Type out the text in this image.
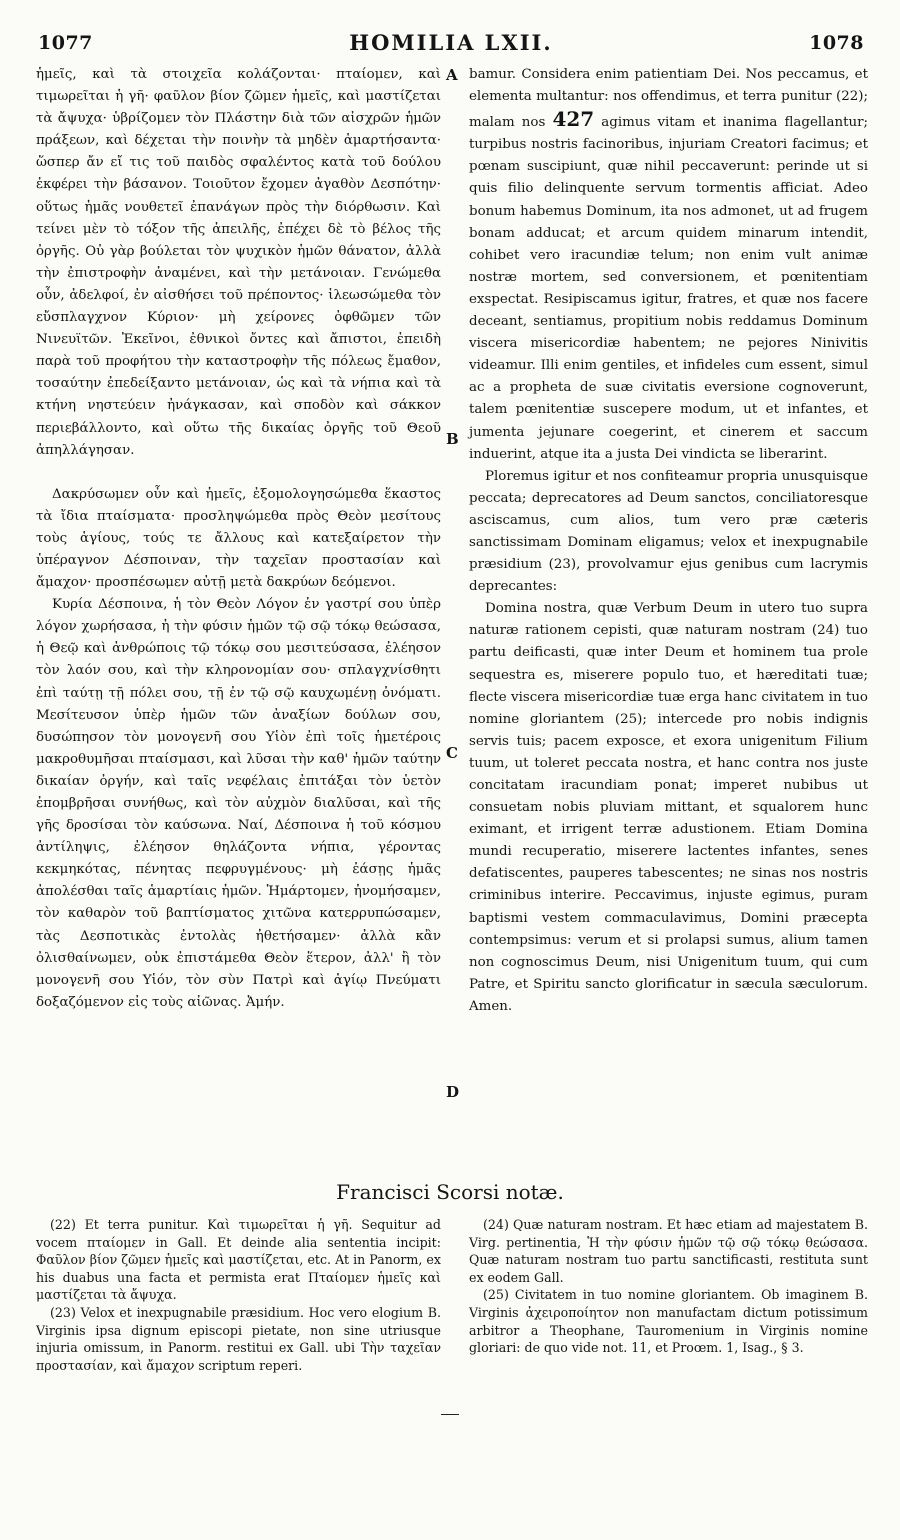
1077	HOMILIA LXII.	1078

ἡμεῖς, καὶ τὰ στοιχεῖα κολάζονται· πταίομεν, καὶ τιμωρεῖται ἡ γῆ· φαῦλον βίον ζῶμεν ἡμεῖς, καὶ μαστίζεται τὰ ἄψυχα· ὑβρίζομεν τὸν Πλάστην διὰ τῶν αἰσχρῶν ἡμῶν πράξεων, καὶ δέχεται τὴν ποινὴν τὰ μηδὲν ἁμαρτήσαντα· ὥσπερ ἄν εἴ τις τοῦ παιδὸς σφαλέντος κατὰ τοῦ δούλου ἐκφέρει τὴν βάσανον. Τοιοῦτον ἔχομεν ἀγαθὸν Δεσπότην· οὕτως ἡμᾶς νουθετεῖ ἐπανάγων πρὸς τὴν διόρθωσιν. Καὶ τείνει μὲν τὸ τόξον τῆς ἀπειλῆς, ἐπέχει δὲ τὸ βέλος τῆς ὀργῆς. Οὐ γὰρ βούλεται τὸν ψυχικὸν ἡμῶν θάνατον, ἀλλὰ τὴν ἐπιστροφὴν ἀναμένει, καὶ τὴν μετάνοιαν. Γενώμεθα οὖν, ἀδελφοί, ἐν αἰσθήσει τοῦ πρέποντος· ἱλεωσώμεθα τὸν εὔσπλαγχνον Κύριον· μὴ χείρονες ὀφθῶμεν τῶν Νινευϊτῶν. Ἐκεῖνοι, ἐθνικοὶ ὄντες καὶ ἄπιστοι, ἐπειδὴ παρὰ τοῦ προφήτου τὴν καταστροφὴν τῆς πόλεως ἔμαθον, τοσαύτην ἐπεδείξαντο μετάνοιαν, ὡς καὶ τὰ νήπια καὶ τὰ κτήνη νηστεύειν ἠνάγκασαν, καὶ σποδὸν καὶ σάκκον περιεβάλλοντο, καὶ οὕτω τῆς δικαίας ὀργῆς τοῦ Θεοῦ ἀπηλλάγησαν.

Δακρύσωμεν οὖν καὶ ἡμεῖς, ἐξομολογησώμεθα ἕκαστος τὰ ἴδια πταίσματα· προσληψώμεθα πρὸς Θεὸν μεσίτους τοὺς ἁγίους, τούς τε ἄλλους καὶ κατεξαίρετον τὴν ὑπέραγνον Δέσποιναν, τὴν ταχεῖαν προστασίαν καὶ ἄμαχον· προσπέσωμεν αὐτῇ μετὰ δακρύων δεόμενοι.

Κυρία Δέσποινα, ἡ τὸν Θεὸν Λόγον ἐν γαστρί σου ὑπὲρ λόγον χωρήσασα, ἡ τὴν φύσιν ἡμῶν τῷ σῷ τόκῳ θεώσασα, ἡ Θεῷ καὶ ἀνθρώποις τῷ τόκῳ σου μεσιτεύσασα, ἐλέησον τὸν λαόν σου, καὶ τὴν κληρονομίαν σου· σπλαγχνίσθητι ἐπὶ ταύτῃ τῇ πόλει σου, τῇ ἐν τῷ σῷ καυχωμένῃ ὀνόματι. Μεσίτευσον ὑπὲρ ἡμῶν τῶν ἀναξίων δούλων σου, δυσώπησον τὸν μονογενῆ σου Υἱὸν ἐπὶ τοῖς ἡμετέροις μακροθυμῆσαι πταίσμασι, καὶ λῦσαι τὴν καθ' ἡμῶν ταύτην δικαίαν ὀργήν, καὶ ταῖς νεφέλαις ἐπιτάξαι τὸν ὑετὸν ἐπομβρῆσαι συνήθως, καὶ τὸν αὐχμὸν διαλῦσαι, καὶ τῆς γῆς δροσίσαι τὸν καύσωνα. Ναί, Δέσποινα ἡ τοῦ κόσμου ἀντίληψις, ἐλέησον θηλάζοντα νήπια, γέροντας κεκμηκότας, πένητας πεφρυγμένους· μὴ ἐάσῃς ἡμᾶς ἀπολέσθαι ταῖς ἁμαρτίαις ἡμῶν. Ἡμάρτομεν, ἠνομήσαμεν, τὸν καθαρὸν τοῦ βαπτίσματος χιτῶνα κατερρυπώσαμεν, τὰς Δεσποτικὰς ἐντολὰς ἠθετήσαμεν· ἀλλὰ κἂν ὀλισθαίνωμεν, οὐκ ἐπιστάμεθα Θεὸν ἕτερον, ἀλλ' ἢ τὸν μονογενῆ σου Υἱόν, τὸν σὺν Πατρὶ καὶ ἁγίῳ Πνεύματι δοξαζόμενον εἰς τοὺς αἰῶνας. Ἀμήν.

bamur. Considera enim patientiam Dei. Nos peccamus, et elementa multantur: nos offendimus, et terra punitur (22); malam nos 427 agimus vitam et inanima flagellantur; turpibus nostris facinoribus, injuriam Creatori facimus; et pœnam suscipiunt, quæ nihil peccaverunt: perinde ut si quis filio delinquente servum tormentis afficiat. Adeo bonum habemus Dominum, ita nos admonet, ut ad frugem bonam adducat; et arcum quidem minarum intendit, cohibet vero iracundiæ telum; non enim vult animæ nostræ mortem, sed conversionem, et pœnitentiam exspectat. Resipiscamus igitur, fratres, et quæ nos facere deceant, sentiamus, propitium nobis reddamus Dominum viscera misericordiæ habentem; ne pejores Ninivitis videamur. Illi enim gentiles, et infideles cum essent, simul ac a propheta de suæ civitatis eversione cognoverunt, talem pœnitentiæ suscepere modum, ut et infantes, et jumenta jejunare coegerint, et cinerem et saccum induerint, atque ita a justa Dei vindicta se liberarint.

Ploremus igitur et nos confiteamur propria unusquisque peccata; deprecatores ad Deum sanctos, conciliatoresque asciscamus, cum alios, tum vero præ cæteris sanctissimam Dominam eligamus; velox et inexpugnabile præsidium (23), provolvamur ejus genibus cum lacrymis deprecantes:

Domina nostra, quæ Verbum Deum in utero tuo supra naturæ rationem cepisti, quæ naturam nostram (24) tuo partu deificasti, quæ inter Deum et hominem tua prole sequestra es, miserere populo tuo, et hæreditati tuæ; flecte viscera misericordiæ tuæ erga hanc civitatem in tuo nomine gloriantem (25); intercede pro nobis indignis servis tuis; pacem exposce, et exora unigenitum Filium tuum, ut toleret peccata nostra, et hanc contra nos juste concitatam iracundiam ponat; imperet nubibus ut consuetam nobis pluviam mittant, et squalorem hunc eximant, et irrigent terræ adustionem. Etiam Domina mundi recuperatio, miserere lactentes infantes, senes defatiscentes, pauperes tabescentes; ne sinas nos nostris criminibus interire. Peccavimus, injuste egimus, puram baptismi vestem commaculavimus, Domini præcepta contempsimus: verum et si prolapsi sumus, alium tamen non cognoscimus Deum, nisi Unigenitum tuum, qui cum Patre, et Spiritu sancto glorificatur in sæcula sæculorum. Amen.

A
B
C
D
Francisci Scorsi notæ.

(22) Et terra punitur. Καὶ τιμωρεῖται ἡ γῆ. Sequitur ad vocem πταίομεν in Gall. Et deinde alia sententia incipit: Φαῦλον βίον ζῶμεν ἡμεῖς καὶ μαστίζεται, etc. At in Panorm, ex his duabus una facta et permista erat Πταίομεν ἡμεῖς καὶ μαστίζεται τὰ ἄψυχα.

(23) Velox et inexpugnabile præsidium. Hoc vero elogium B. Virginis ipsa dignum episcopi pietate, non sine utriusque injuria omissum, in Panorm. restitui ex Gall. ubi Τὴν ταχεῖαν προστασίαν, καὶ ἄμαχον scriptum reperi.

(24) Quæ naturam nostram. Et hæc etiam ad majestatem B. Virg. pertinentia, Ἡ τὴν φύσιν ἡμῶν τῷ σῷ τόκῳ θεώσασα. Quæ naturam nostram tuo partu sanctificasti, restituta sunt ex eodem Gall.

(25) Civitatem in tuo nomine gloriantem. Ob imaginem B. Virginis ἀχειροποίητον non manufactam dictum potissimum arbitror a Theophane, Tauromenium in Virginis nomine gloriari: de quo vide not. 11, et Proœm. 1, Isag., § 3.
